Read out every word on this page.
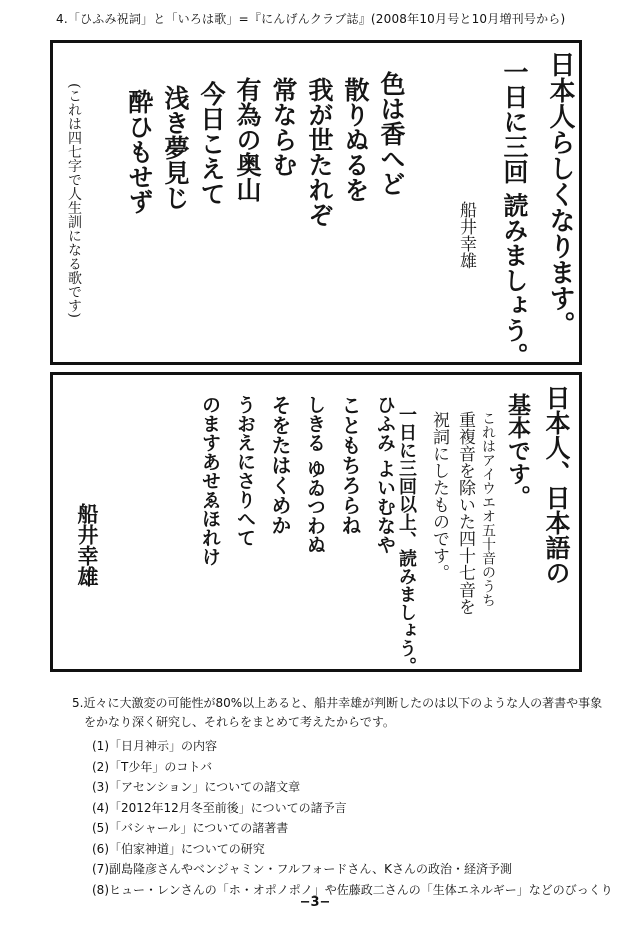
4.「ひふみ祝詞」と「いろは歌」=『にんげんクラブ誌』(2008年10月号と10月増刊号から)
日本人らしくなります。
一日に三回 読みましょう。
船井幸雄
色は香へど
散りぬるを
我が世たれぞ
常ならむ
有為の奥山
今日こえて
浅き夢見じ
酔ひもせず
(これは四七字で人生訓になる歌です)
日本人、日本語の
基本です。
これはアイウエオ五十音のうち
重複音を除いた四十七音を
祝詞にしたものです。
一日に三回以上、読みましょう。
ひふみ よいむなや
こともちろらね
しきる ゆゐつわぬ
そをたはくめか
うおえにさりへて
のますあせゑほれけ
船井幸雄
5.近々に大激変の可能性が80%以上あると、船井幸雄が判断したのは以下のような人の著書や事象
をかなり深く研究し、それらをまとめて考えたからです。
(1)「日月神示」の内容
(2)「T少年」のコトバ
(3)「アセンション」についての諸文章
(4)「2012年12月冬至前後」についての諸予言
(5)「バシャール」についての諸著書
(6)「伯家神道」についての研究
(7)副島隆彦さんやベンジャミン・フルフォードさん、Kさんの政治・経済予測
(8)ヒュー・レンさんの「ホ・オポノポノ」や佐藤政二さんの「生体エネルギー」などのびっくり
−3−
